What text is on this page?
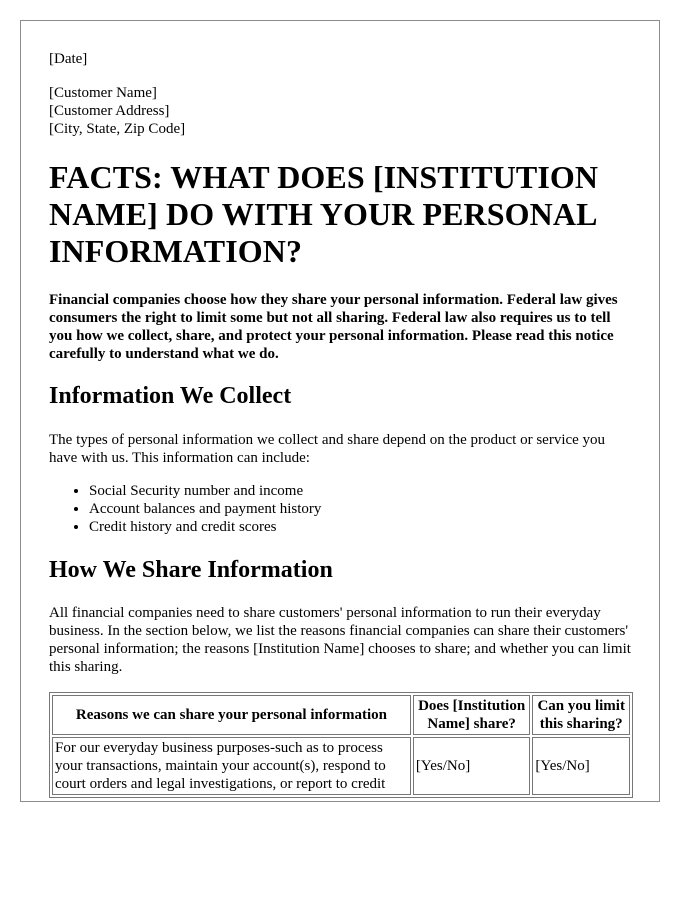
[Date]
[Customer Name]
[Customer Address]
[City, State, Zip Code]
FACTS: WHAT DOES [INSTITUTION NAME] DO WITH YOUR PERSONAL INFORMATION?

Financial companies choose how they share your personal information. Federal law gives consumers the right to limit some but not all sharing. Federal law also requires us to tell you how we collect, share, and protect your personal information. Please read this notice carefully to understand what we do.

Information We Collect

The types of personal information we collect and share depend on the product or service you have with us. This information can include:

• Social Security number and income
• Account balances and payment history
• Credit history and credit scores
How We Share Information

All financial companies need to share customers' personal information to run their everyday business. In the section below, we list the reasons financial companies can share their customers' personal information; the reasons [Institution Name] chooses to share; and whether you can limit this sharing.

Reasons we can share your personal information	Does [Institution Name] share?	Can you limit this sharing?
For our everyday business purposes-such as to process your transactions, maintain your account(s), respond to court orders and legal investigations, or report to credit	[Yes/No]	[Yes/No]
